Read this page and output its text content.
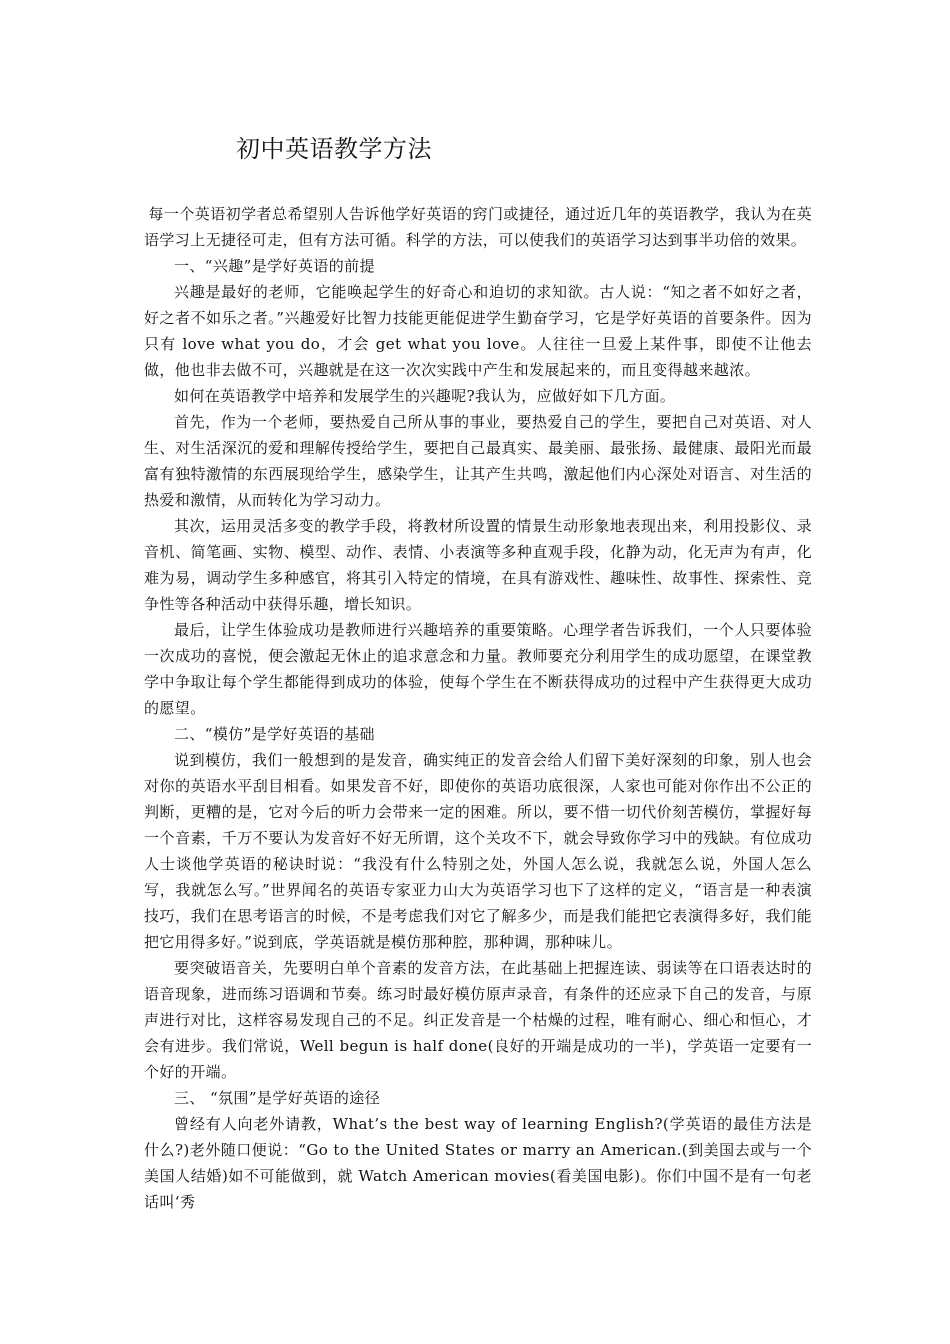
初中英语教学方法

每一个英语初学者总希望别人告诉他学好英语的窍门或捷径，通过近几年的英语教学，我认为在英语学习上无捷径可走，但有方法可循。科学的方法，可以使我们的英语学习达到事半功倍的效果。

一、“兴趣”是学好英语的前提

兴趣是最好的老师，它能唤起学生的好奇心和迫切的求知欲。古人说：“知之者不如好之者，好之者不如乐之者。”兴趣爱好比智力技能更能促进学生勤奋学习，它是学好英语的首要条件。因为只有 love what you do，才会 get what you love。人往往一旦爱上某件事，即使不让他去做，他也非去做不可，兴趣就是在这一次次实践中产生和发展起来的，而且变得越来越浓。

如何在英语教学中培养和发展学生的兴趣呢?我认为，应做好如下几方面。

首先，作为一个老师，要热爱自己所从事的事业，要热爱自己的学生，要把自己对英语、对人生、对生活深沉的爱和理解传授给学生，要把自己最真实、最美丽、最张扬、最健康、最阳光而最富有独特激情的东西展现给学生，感染学生，让其产生共鸣，激起他们内心深处对语言、对生活的热爱和激情，从而转化为学习动力。

其次，运用灵活多变的教学手段，将教材所设置的情景生动形象地表现出来，利用投影仪、录音机、简笔画、实物、模型、动作、表情、小表演等多种直观手段，化静为动，化无声为有声，化难为易，调动学生多种感官，将其引入特定的情境，在具有游戏性、趣味性、故事性、探索性、竞争性等各种活动中获得乐趣，增长知识。

最后，让学生体验成功是教师进行兴趣培养的重要策略。心理学者告诉我们，一个人只要体验一次成功的喜悦，便会激起无休止的追求意念和力量。教师要充分利用学生的成功愿望，在课堂教学中争取让每个学生都能得到成功的体验，使每个学生在不断获得成功的过程中产生获得更大成功的愿望。

二、“模仿”是学好英语的基础

说到模仿，我们一般想到的是发音，确实纯正的发音会给人们留下美好深刻的印象，别人也会对你的英语水平刮目相看。如果发音不好，即使你的英语功底很深，人家也可能对你作出不公正的判断，更糟的是，它对今后的听力会带来一定的困难。所以，要不惜一切代价刻苦模仿，掌握好每一个音素，千万不要认为发音好不好无所谓，这个关攻不下，就会导致你学习中的残缺。有位成功人士谈他学英语的秘诀时说：“我没有什么特别之处，外国人怎么说，我就怎么说，外国人怎么写，我就怎么写。”世界闻名的英语专家亚力山大为英语学习也下了这样的定义，“语言是一种表演技巧，我们在思考语言的时候，不是考虑我们对它了解多少，而是我们能把它表演得多好，我们能把它用得多好。”说到底，学英语就是模仿那种腔，那种调，那种味儿。

要突破语音关，先要明白单个音素的发音方法，在此基础上把握连读、弱读等在口语表达时的语音现象，进而练习语调和节奏。练习时最好模仿原声录音，有条件的还应录下自己的发音，与原声进行对比，这样容易发现自己的不足。纠正发音是一个枯燥的过程，唯有耐心、细心和恒心，才会有进步。我们常说，Well begun is half done(良好的开端是成功的一半)，学英语一定要有一个好的开端。

三、 “氛围”是学好英语的途径

曾经有人向老外请教，What’s the best way of learning English?(学英语的最佳方法是什么?)老外随口便说：“Go to the United States or marry an American.(到美国去或与一个美国人结婚)如不可能做到，就 Watch American movies(看美国电影)。你们中国不是有一句老话叫‘秀
